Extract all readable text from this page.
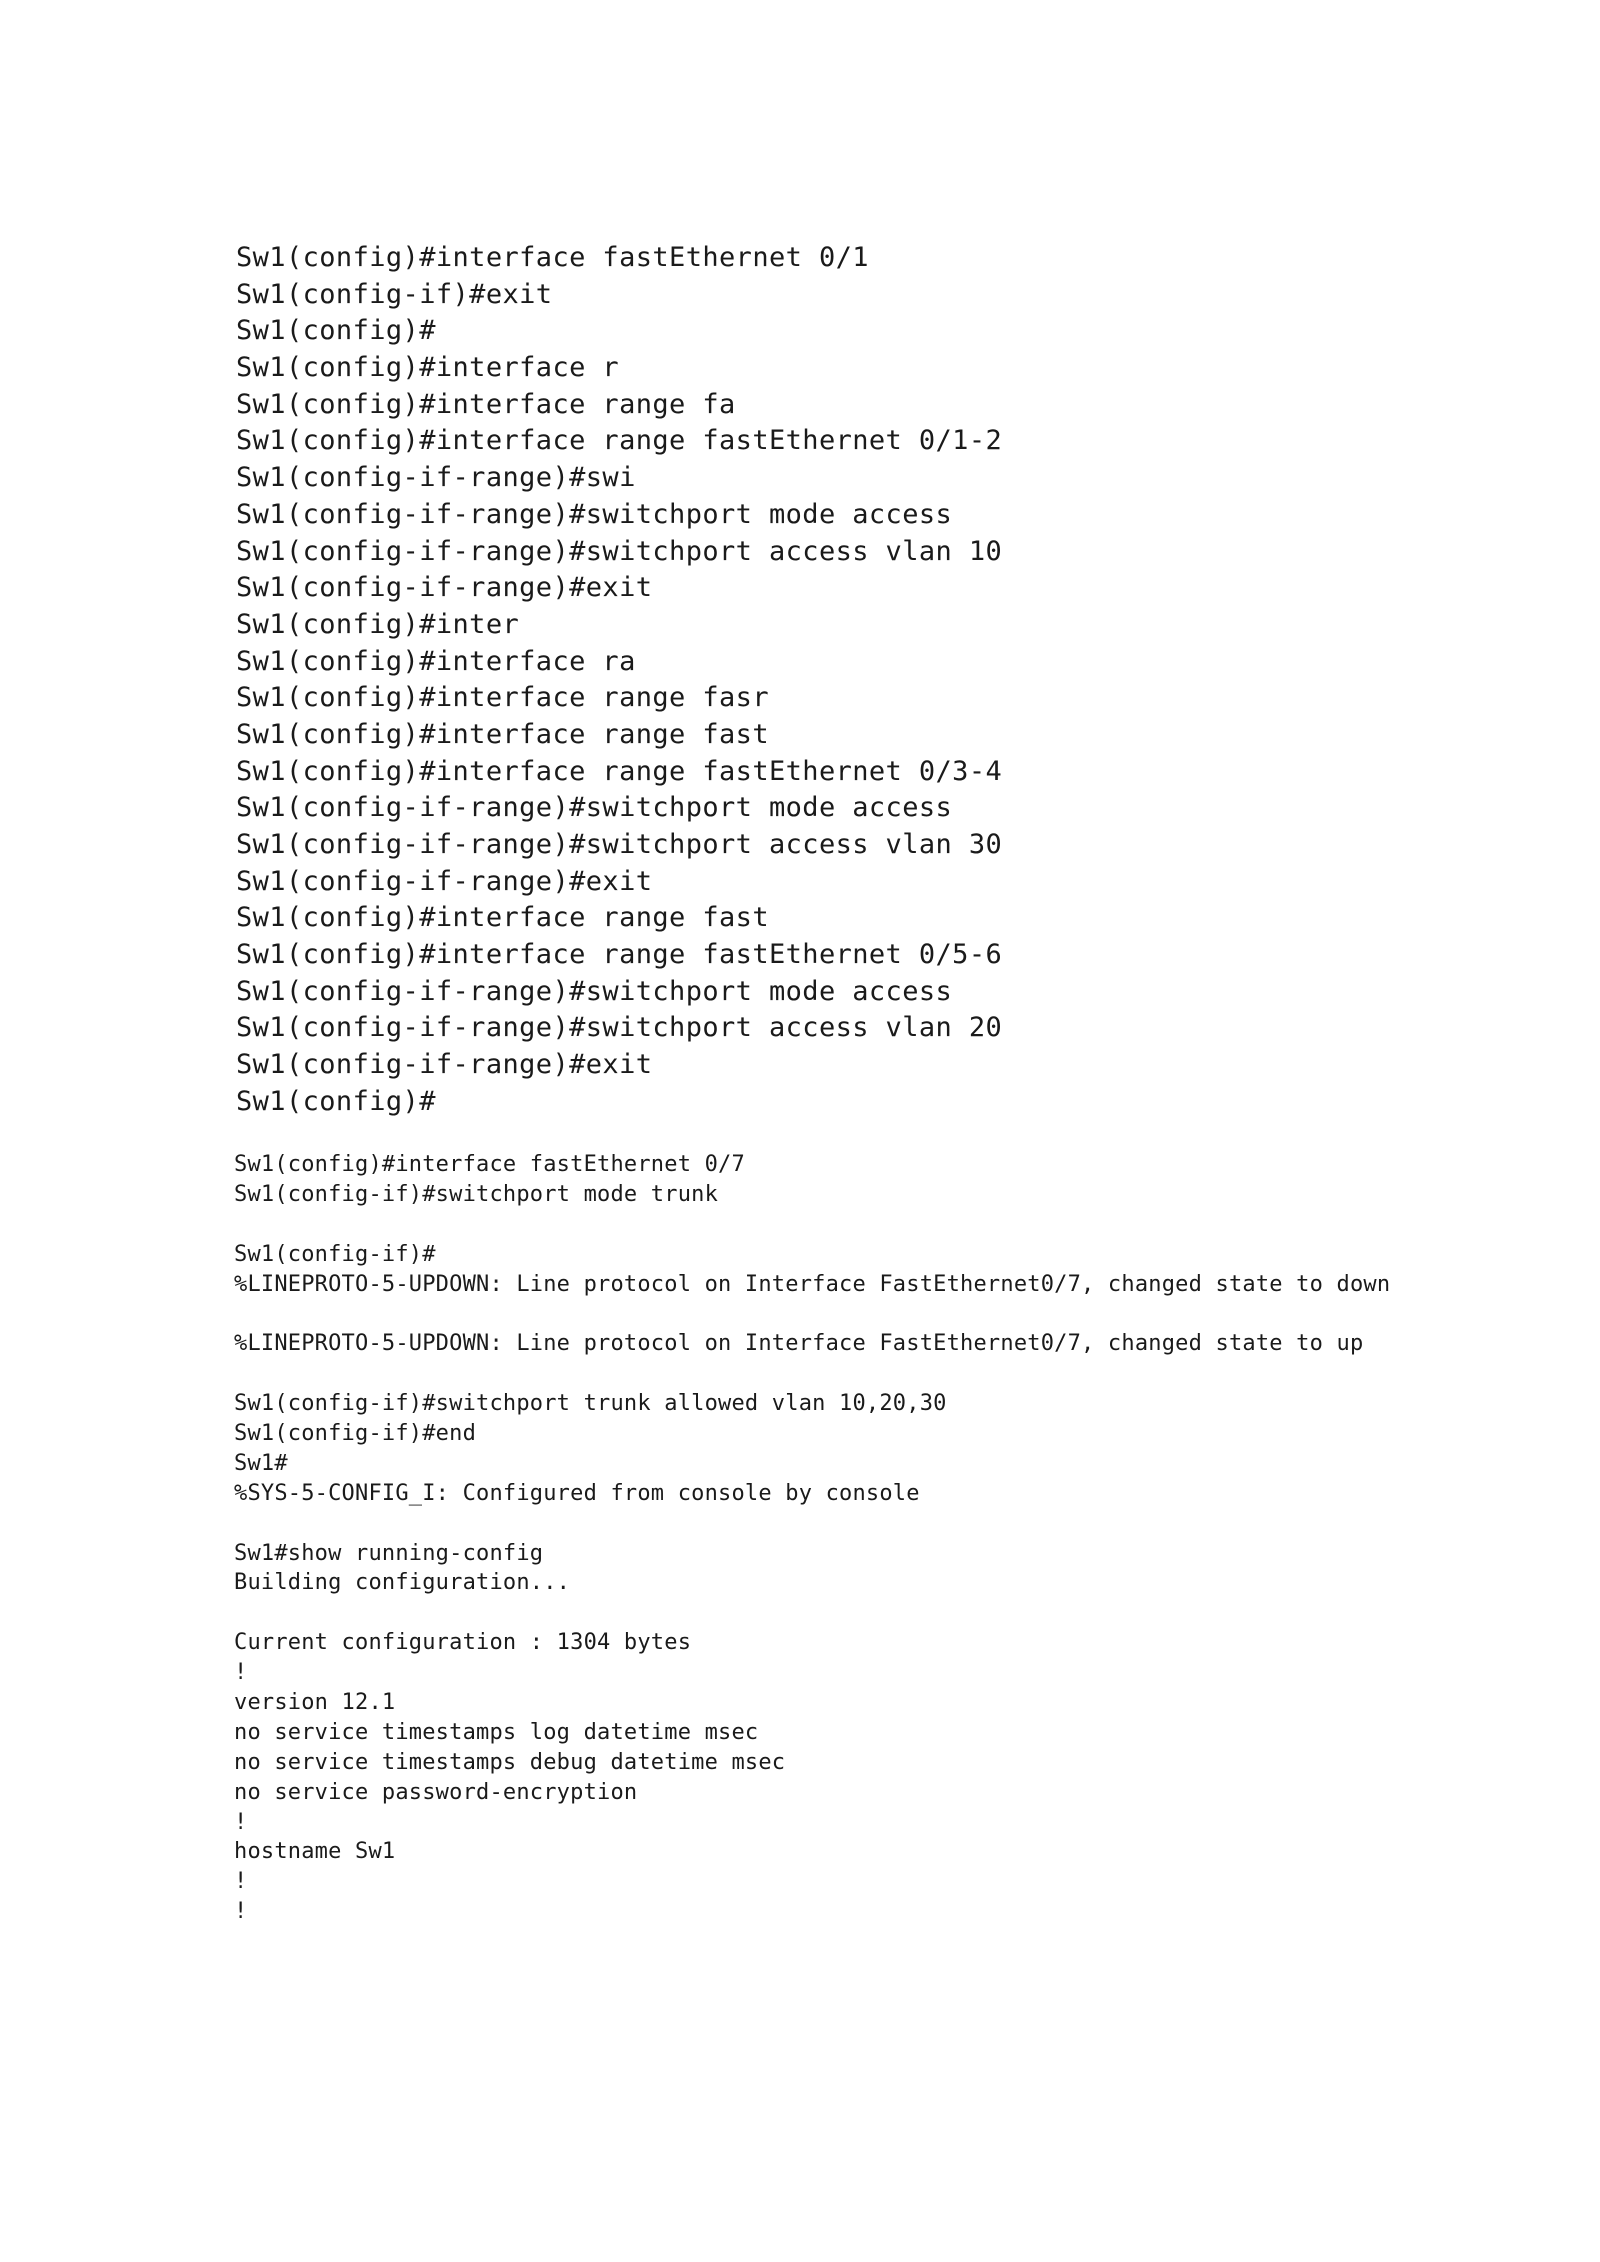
Sw1(config)#interface fastEthernet 0/1
Sw1(config-if)#exit
Sw1(config)#
Sw1(config)#interface r
Sw1(config)#interface range fa
Sw1(config)#interface range fastEthernet 0/1-2
Sw1(config-if-range)#swi
Sw1(config-if-range)#switchport mode access
Sw1(config-if-range)#switchport access vlan 10
Sw1(config-if-range)#exit
Sw1(config)#inter
Sw1(config)#interface ra
Sw1(config)#interface range fasr
Sw1(config)#interface range fast
Sw1(config)#interface range fastEthernet 0/3-4
Sw1(config-if-range)#switchport mode access
Sw1(config-if-range)#switchport access vlan 30
Sw1(config-if-range)#exit
Sw1(config)#interface range fast
Sw1(config)#interface range fastEthernet 0/5-6
Sw1(config-if-range)#switchport mode access
Sw1(config-if-range)#switchport access vlan 20
Sw1(config-if-range)#exit
Sw1(config)#
Sw1(config)#interface fastEthernet 0/7
Sw1(config-if)#switchport mode trunk
Sw1(config-if)#
%LINEPROTO-5-UPDOWN: Line protocol on Interface FastEthernet0/7, changed state to down
%LINEPROTO-5-UPDOWN: Line protocol on Interface FastEthernet0/7, changed state to up
Sw1(config-if)#switchport trunk allowed vlan 10,20,30
Sw1(config-if)#end
Sw1#
%SYS-5-CONFIG_I: Configured from console by console
Sw1#show running-config
Building configuration...
Current configuration : 1304 bytes
!
version 12.1
no service timestamps log datetime msec
no service timestamps debug datetime msec
no service password-encryption
!
hostname Sw1
!
!
